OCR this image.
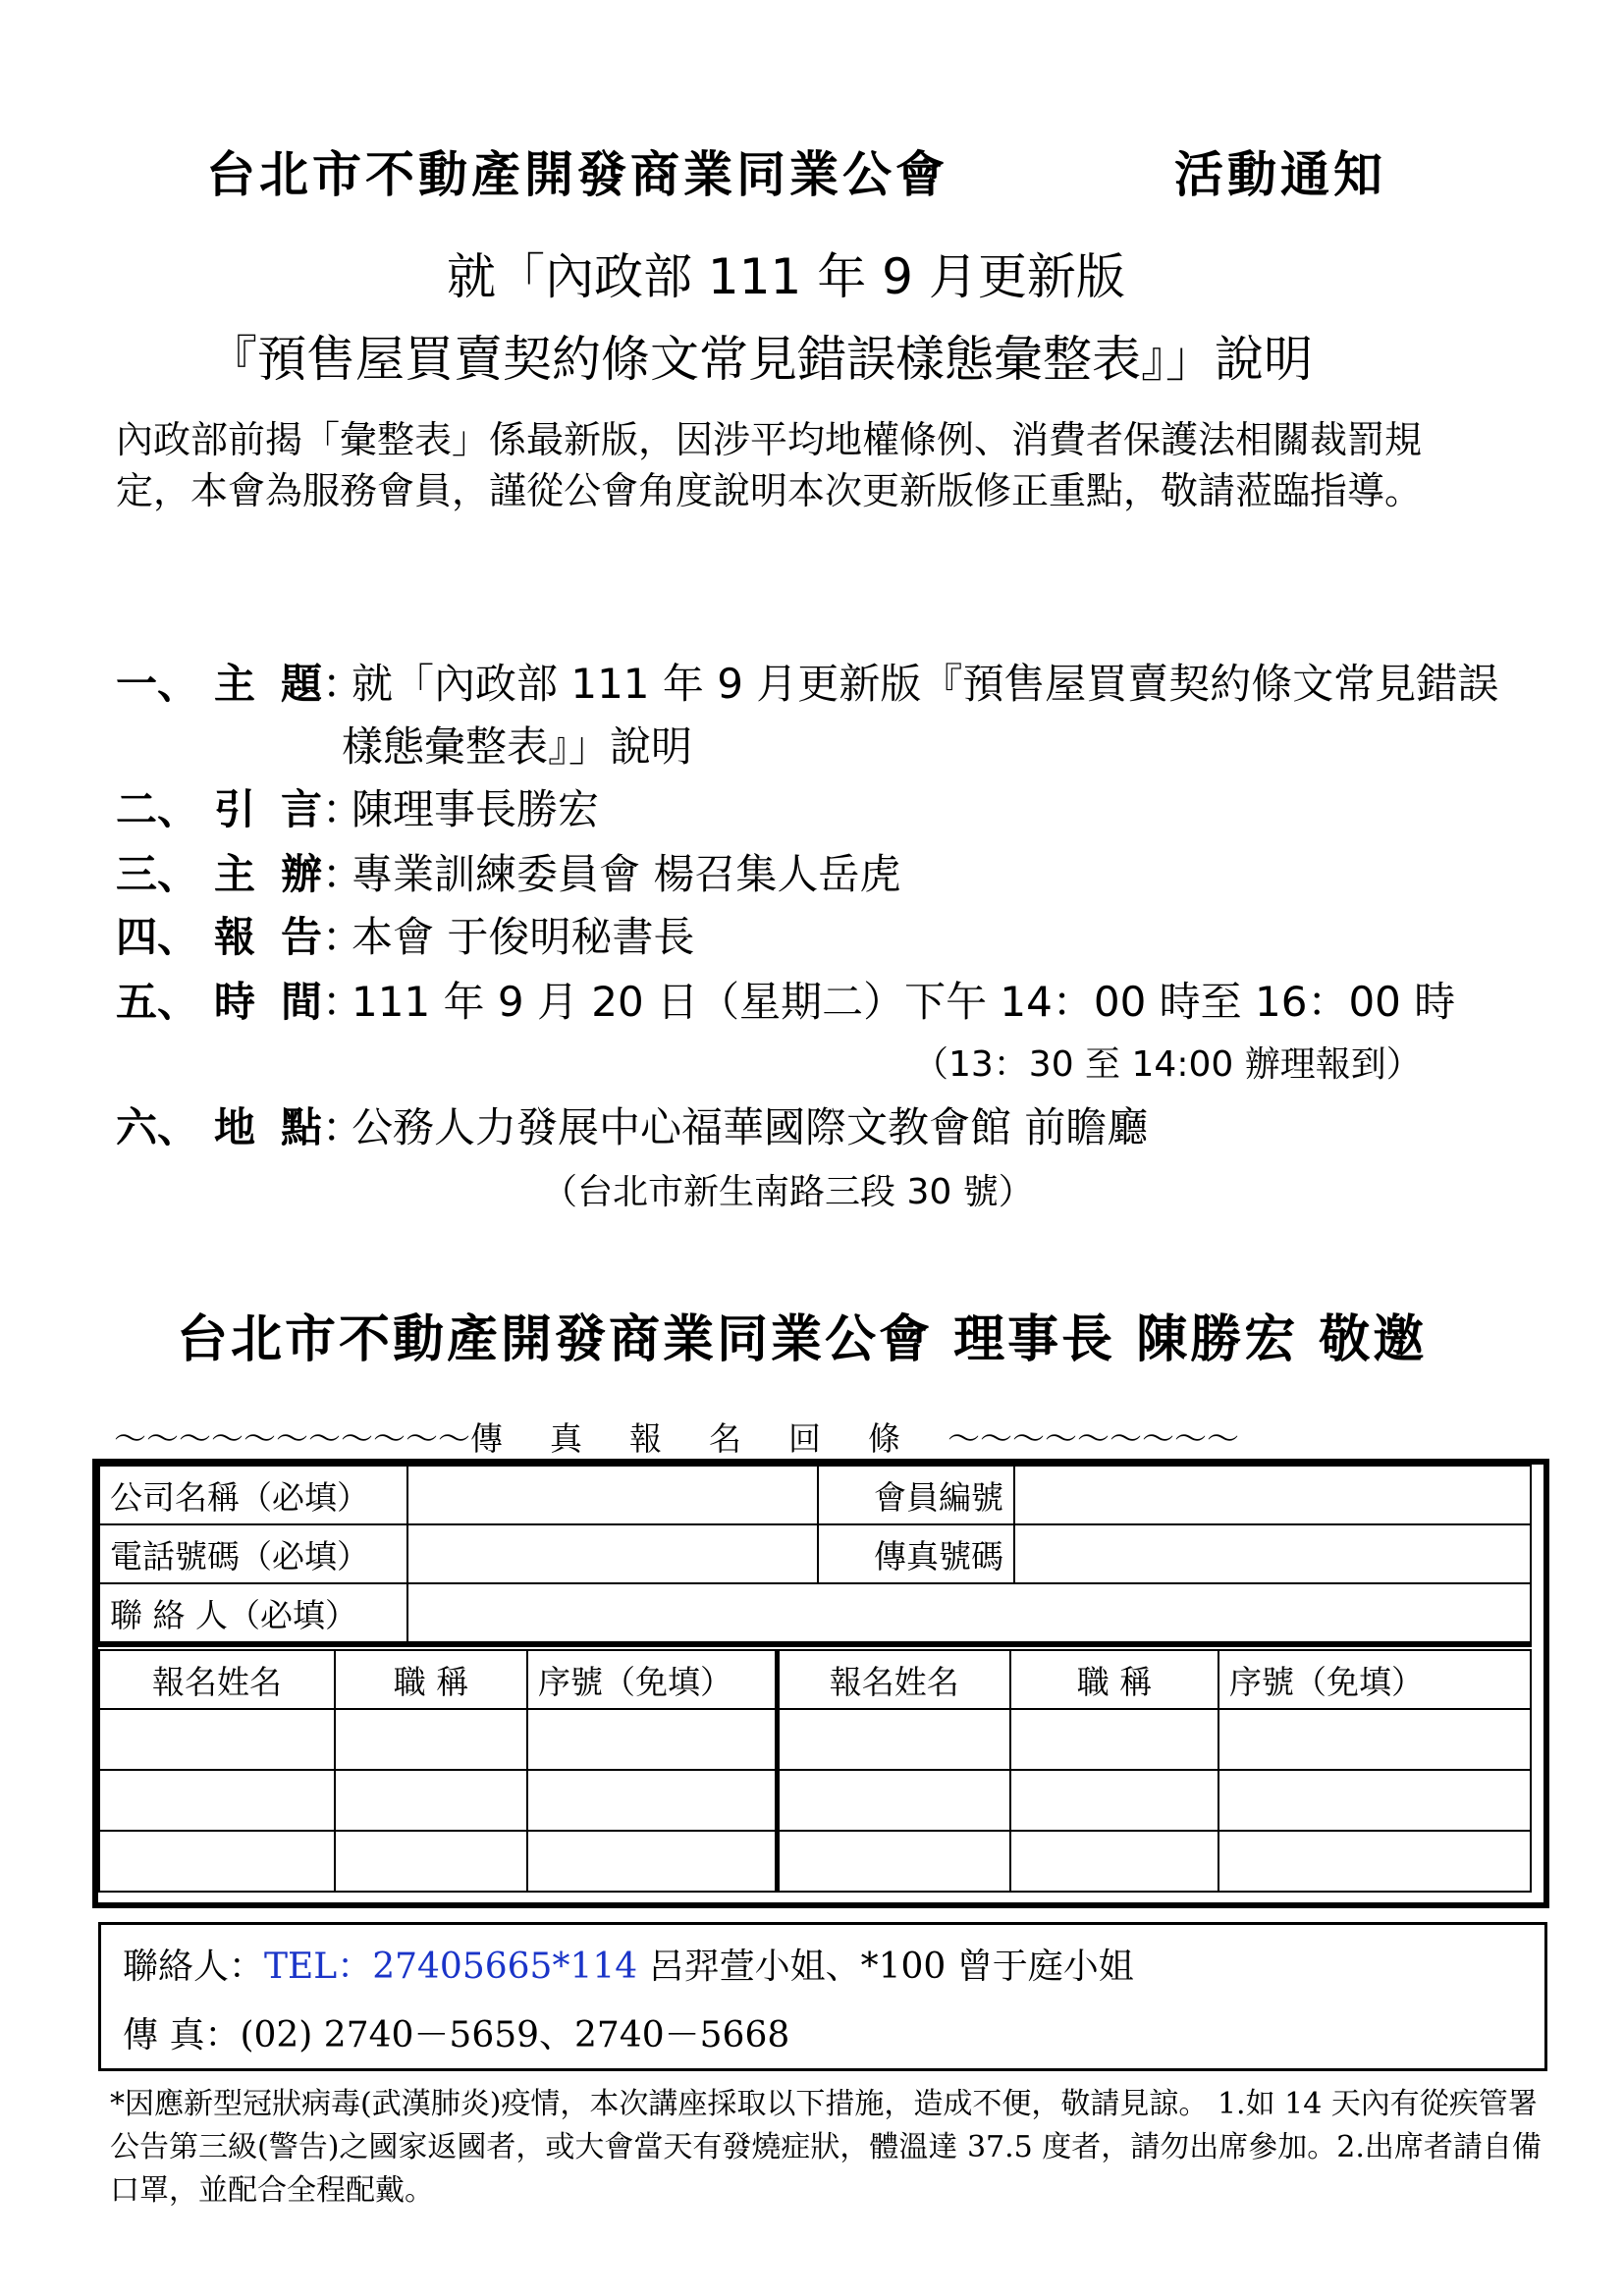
台北市不動產開發商業同業公會	活動通知
就「內政部 111 年 9 月更新版
『預售屋買賣契約條文常見錯誤樣態彙整表』」說明
內政部前揭「彙整表」係最新版，因涉平均地權條例、消費者保護法相關裁罰規定，本會為服務會員，謹從公會角度說明本次更新版修正重點，敬請蒞臨指導。
一、 主題：就「內政部 111 年 9 月更新版『預售屋買賣契約條文常見錯誤
樣態彙整表』」說明
二、 引言：陳理事長勝宏
三、 主辦：專業訓練委員會 楊召集人岳虎
四、 報告：本會 于俊明秘書長
五、 時間：111 年 9 月 20 日（星期二）下午 14：00 時至 16：00 時
（13：30 至 14:00 辦理報到）
六、 地點：公務人力發展中心福華國際文教會館 前瞻廳
（台北市新生南路三段 30 號）
台北市不動產開發商業同業公會 理事長 陳勝宏 敬邀
～～～～～～～～～～～傳真報名回條～～～～～～～～～
公司名稱（必填）		會員編號	
電話號碼（必填）		傳真號碼	
聯 絡 人（必填）			
報名姓名	職 稱	序號（免填）	報名姓名	職 稱	序號（免填）

聯絡人：TEL：27405665*114 呂羿萱小姐、*100 曾于庭小姐
傳 真：(02) 2740－5659、2740－5668
*因應新型冠狀病毒(武漢肺炎)疫情，本次講座採取以下措施，造成不便，敬請見諒。 1.如 14 天內有從疾管署公告第三級(警告)之國家返國者，或大會當天有發燒症狀，體溫達 37.5 度者，請勿出席參加。2.出席者請自備口罩，並配合全程配戴。
